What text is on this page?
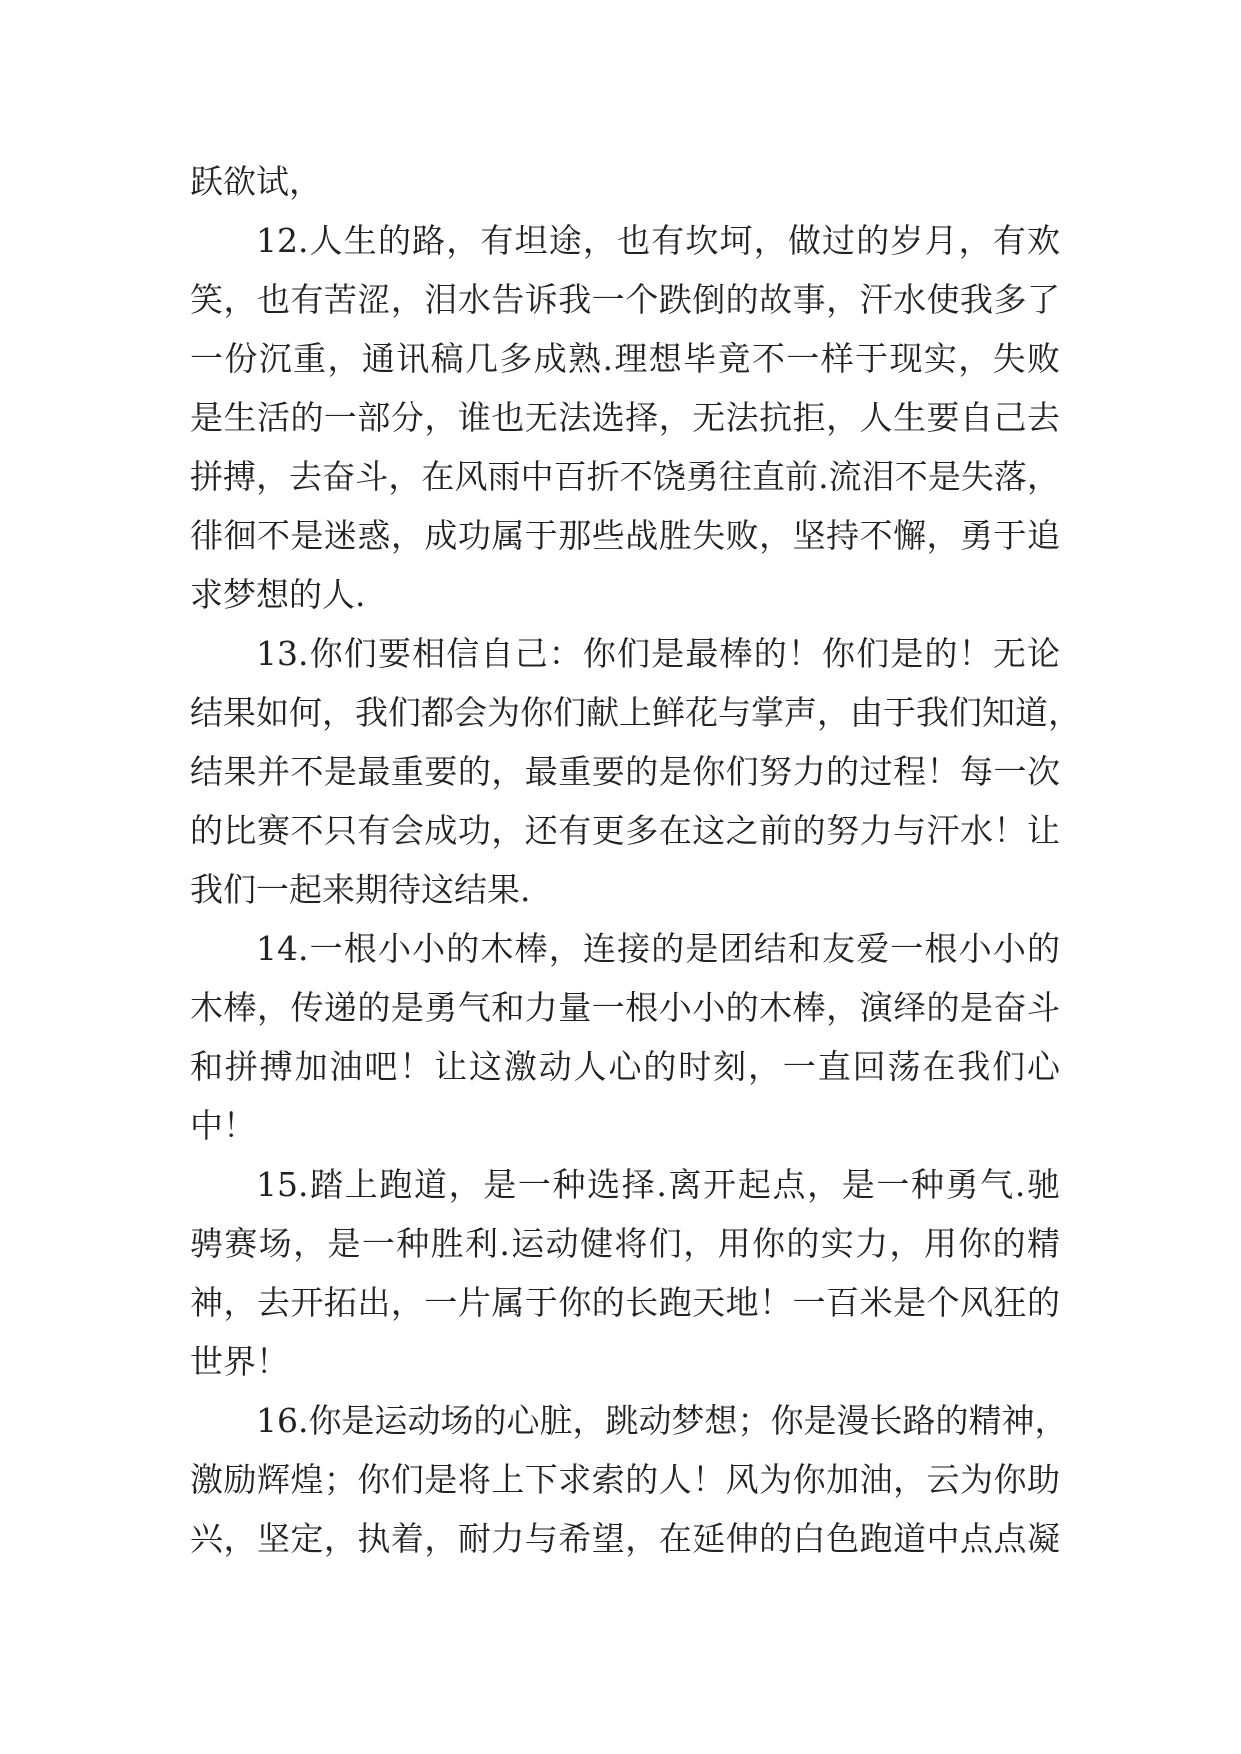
跃欲试，
12.人生的路，有坦途，也有坎坷，做过的岁月，有欢
笑，也有苦涩，泪水告诉我一个跌倒的故事，汗水使我多了
一份沉重，通讯稿几多成熟.理想毕竟不一样于现实，失败
是生活的一部分，谁也无法选择，无法抗拒，人生要自己去
拼搏，去奋斗，在风雨中百折不饶勇往直前.流泪不是失落，
徘徊不是迷惑，成功属于那些战胜失败，坚持不懈，勇于追
求梦想的人.
13.你们要相信自己：你们是最棒的！你们是的！无论
结果如何，我们都会为你们献上鲜花与掌声，由于我们知道，
结果并不是最重要的，最重要的是你们努力的过程！每一次
的比赛不只有会成功，还有更多在这之前的努力与汗水！让
我们一起来期待这结果.
14.一根小小的木棒，连接的是团结和友爱一根小小的
木棒，传递的是勇气和力量一根小小的木棒，演绎的是奋斗
和拼搏加油吧！让这激动人心的时刻，一直回荡在我们心
中！
15.踏上跑道，是一种选择.离开起点，是一种勇气.驰
骋赛场，是一种胜利.运动健将们，用你的实力，用你的精
神，去开拓出，一片属于你的长跑天地！一百米是个风狂的
世界！
16.你是运动场的心脏，跳动梦想；你是漫长路的精神，
激励辉煌；你们是将上下求索的人！风为你加油，云为你助
兴，坚定，执着，耐力与希望，在延伸的白色跑道中点点凝
